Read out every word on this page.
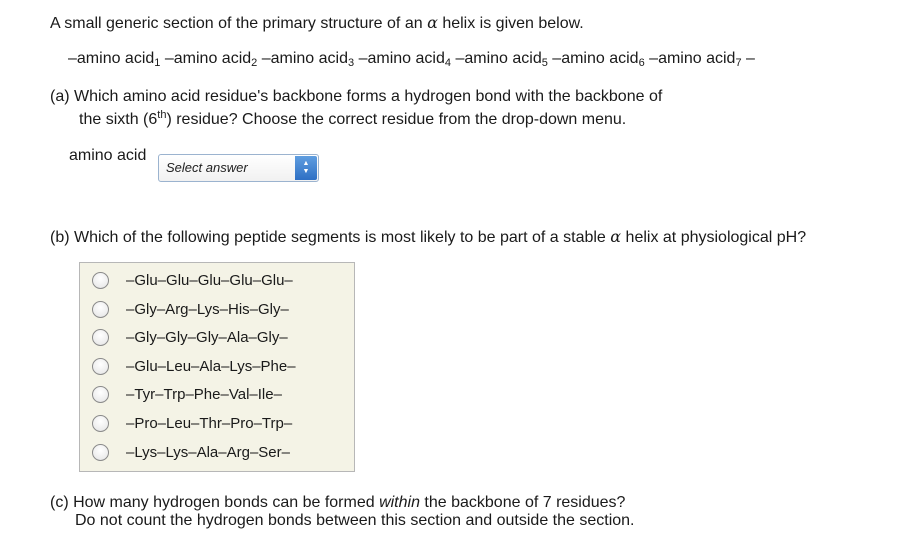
A small generic section of the primary structure of an α helix is given below.
–amino acid$_1$ –amino acid$_2$ –amino acid$_3$ –amino acid$_4$ –amino acid$_5$ –amino acid$_6$ –amino acid$_7$ –
(a) Which amino acid residue's backbone forms a hydrogen bond with the backbone of
the sixth (6th) residue? Choose the correct residue from the drop-down menu.
amino acid
Select answer	▲
▼
(b) Which of the following peptide segments is most likely to be part of a stable α helix at physiological pH?
–Glu–Glu–Glu–Glu–Glu–
–Gly–Arg–Lys–His–Gly–
–Gly–Gly–Gly–Ala–Gly–
–Glu–Leu–Ala–Lys–Phe–
–Tyr–Trp–Phe–Val–Ile–
–Pro–Leu–Thr–Pro–Trp–
–Lys–Lys–Ala–Arg–Ser–
(c) How many hydrogen bonds can be formed within the backbone of 7 residues?
Do not count the hydrogen bonds between this section and outside the section.
